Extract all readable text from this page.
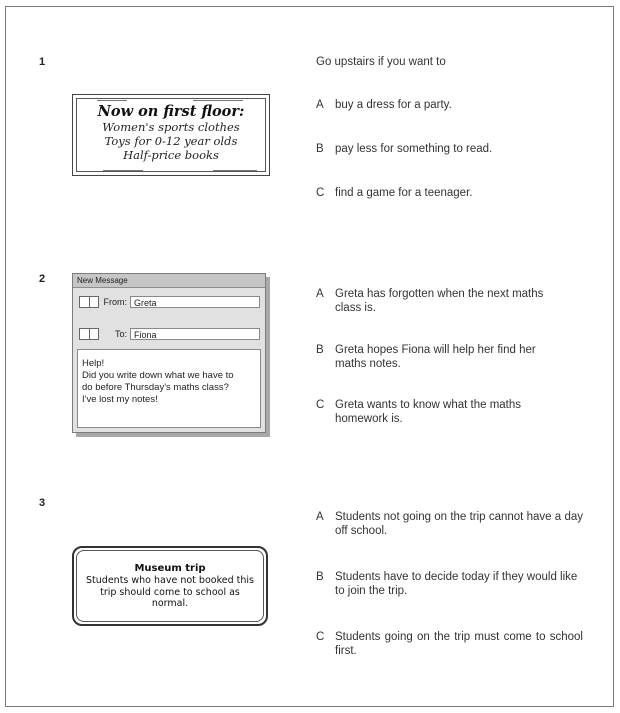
1	Go upstairs if you want to
Now on first floor:
Women's sports clothes
Toys for 0-12 year olds
Half-price books
A buy a dress for a party.
B pay less for something to read.
C find a game for a teenager.
2	New Message
From: Greta
To: Fiona
Help!
Did you write down what we have to
do before Thursday's maths class?
I've lost my notes!
A Greta has forgotten when the next maths class is.
B Greta hopes Fiona will help her find her maths notes.
C Greta wants to know what the maths homework is.
3
Museum trip
Students who have not booked this
trip should come to school as
normal.
A Students not going on the trip cannot have a day off school.
B Students have to decide today if they would like to join the trip.
C Students going on the trip must come to school first.
